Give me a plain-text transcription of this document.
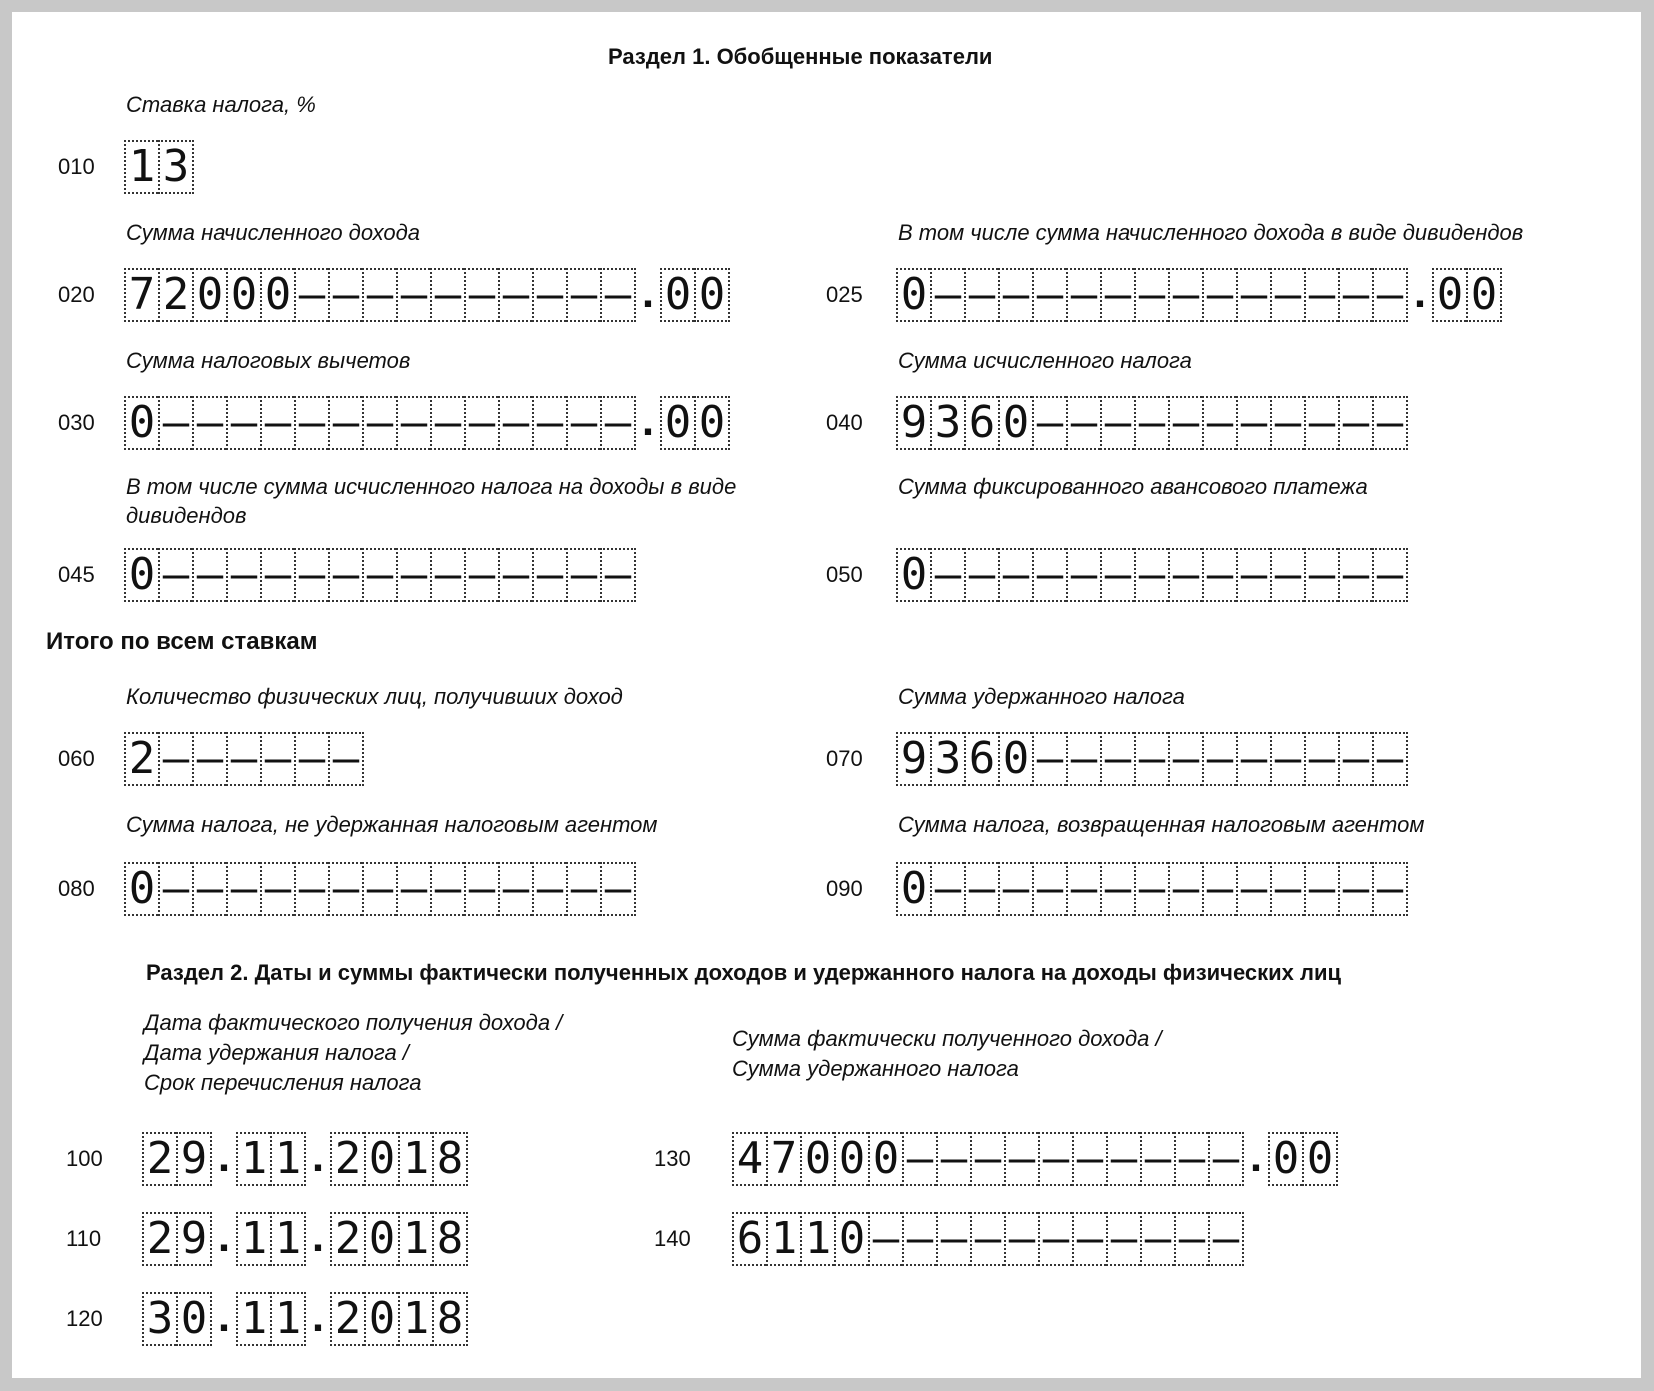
Раздел 1. Обобщенные показатели
Ставка налога, %
010 1 3
Сумма начисленного дохода
020 7 2 0 0 0 – – – – – – – – – – . 0 0
В том числе сумма начисленного дохода в виде дивидендов
025 0 – – – – – – – – – – – – – – . 0 0
Сумма налоговых вычетов
030 0 – – – – – – – – – – – – – – . 0 0
Сумма исчисленного налога
040 9 3 6 0 – – – – – – – – – – –
В том числе сумма исчисленного налога на доходы в виде
дивидендов
045 0 – – – – – – – – – – – – – –
Сумма фиксированного авансового платежа
050 0 – – – – – – – – – – – – – –
Итого по всем ставкам
Количество физических лиц, получивших доход
060 2 – – – – – –
Сумма удержанного налога
070 9 3 6 0 – – – – – – – – – – –
Сумма налога, не удержанная налоговым агентом
080 0 – – – – – – – – – – – – – –
Сумма налога, возвращенная налоговым агентом
090 0 – – – – – – – – – – – – – –
Раздел 2. Даты и суммы фактически полученных доходов и удержанного налога на доходы физических лиц
Дата фактического получения дохода /
Дата удержания налога /
Срок перечисления налога
Сумма фактически полученного дохода /
Сумма удержанного налога
100	2 9 . 1 1 . 2 0 1 8
110	2 9 . 1 1 . 2 0 1 8
120	3 0 . 1 1 . 2 0 1 8
130	4 7 0 0 0 – – – – – – – – – – . 0 0
140	6 1 1 0 – – – – – – – – – – –
